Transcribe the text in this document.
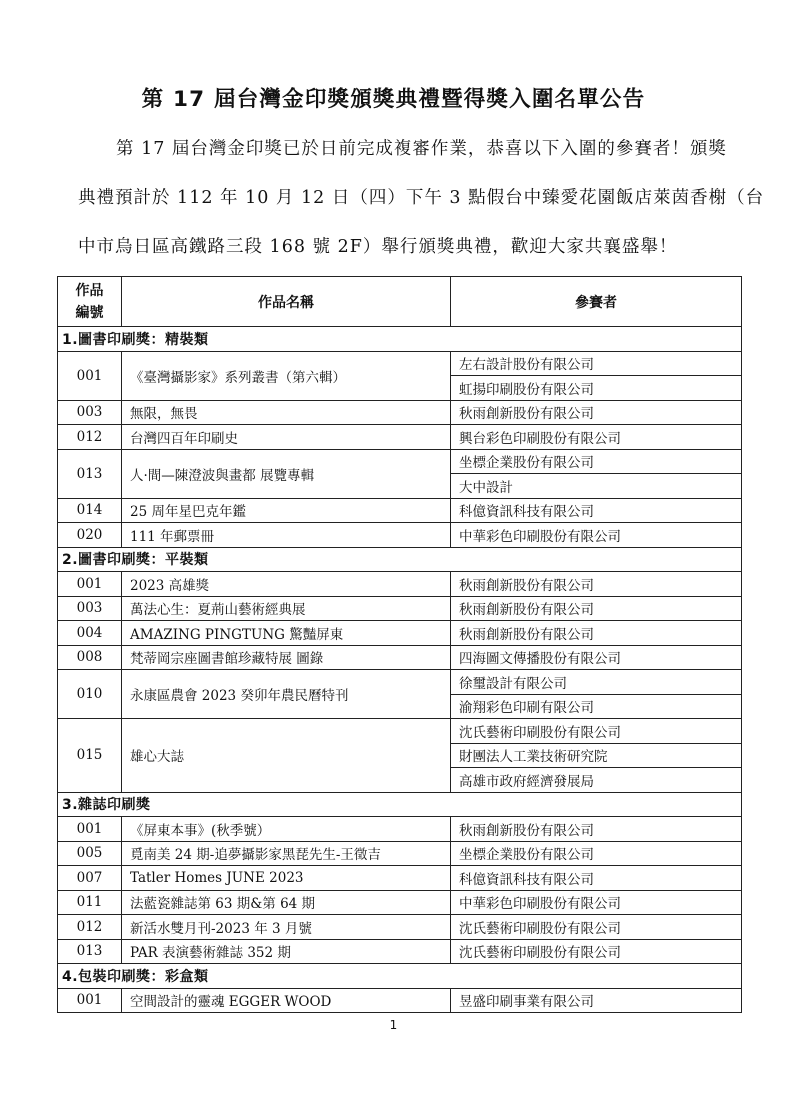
第 17 屆台灣金印獎頒獎典禮暨得獎入圍名單公告
第 17 屆台灣金印獎已於日前完成複審作業，恭喜以下入圍的參賽者！頒獎
典禮預計於 112 年 10 月 12 日（四）下午 3 點假台中臻愛花園飯店萊茵香榭（台
中市烏日區高鐵路三段 168 號 2F）舉行頒獎典禮，歡迎大家共襄盛舉！
作品
編號	作品名稱	參賽者
1.圖書印刷獎：精裝類		
001	《臺灣攝影家》系列叢書（第六輯）	左右設計股份有限公司
		虹揚印刷股份有限公司
003	無限，無畏	秋雨創新股份有限公司
012	台灣四百年印刷史	興台彩色印刷股份有限公司
013	人·間—陳澄波與畫都 展覽專輯	坐標企業股份有限公司
		大中設計
014	25 周年星巴克年鑑	科億資訊科技有限公司
020	111 年郵票冊	中華彩色印刷股份有限公司
2.圖書印刷獎：平裝類		
001	2023 高雄獎	秋雨創新股份有限公司
003	萬法心生：夏荊山藝術經典展	秋雨創新股份有限公司
004	AMAZING PINGTUNG 驚豔屏東	秋雨創新股份有限公司
008	梵蒂岡宗座圖書館珍藏特展 圖錄	四海圖文傳播股份有限公司
010	永康區農會 2023 癸卯年農民曆特刊	徐璽設計有限公司
		渝翔彩色印刷有限公司
015	雄心大誌	沈氏藝術印刷股份有限公司
		財團法人工業技術研究院
		高雄市政府經濟發展局
3.雜誌印刷獎		
001	《屏東本事》(秋季號）	秋雨創新股份有限公司
005	覓南美 24 期-追夢攝影家黑琵先生-王徵吉	坐標企業股份有限公司
007	Tatler Homes JUNE 2023	科億資訊科技有限公司
011	法藍瓷雜誌第 63 期&第 64 期	中華彩色印刷股份有限公司
012	新活水雙月刊-2023 年 3 月號	沈氏藝術印刷股份有限公司
013	PAR 表演藝術雜誌 352 期	沈氏藝術印刷股份有限公司
4.包裝印刷獎：彩盒類		
001	空間設計的靈魂 EGGER WOOD	昱盛印刷事業有限公司
1
